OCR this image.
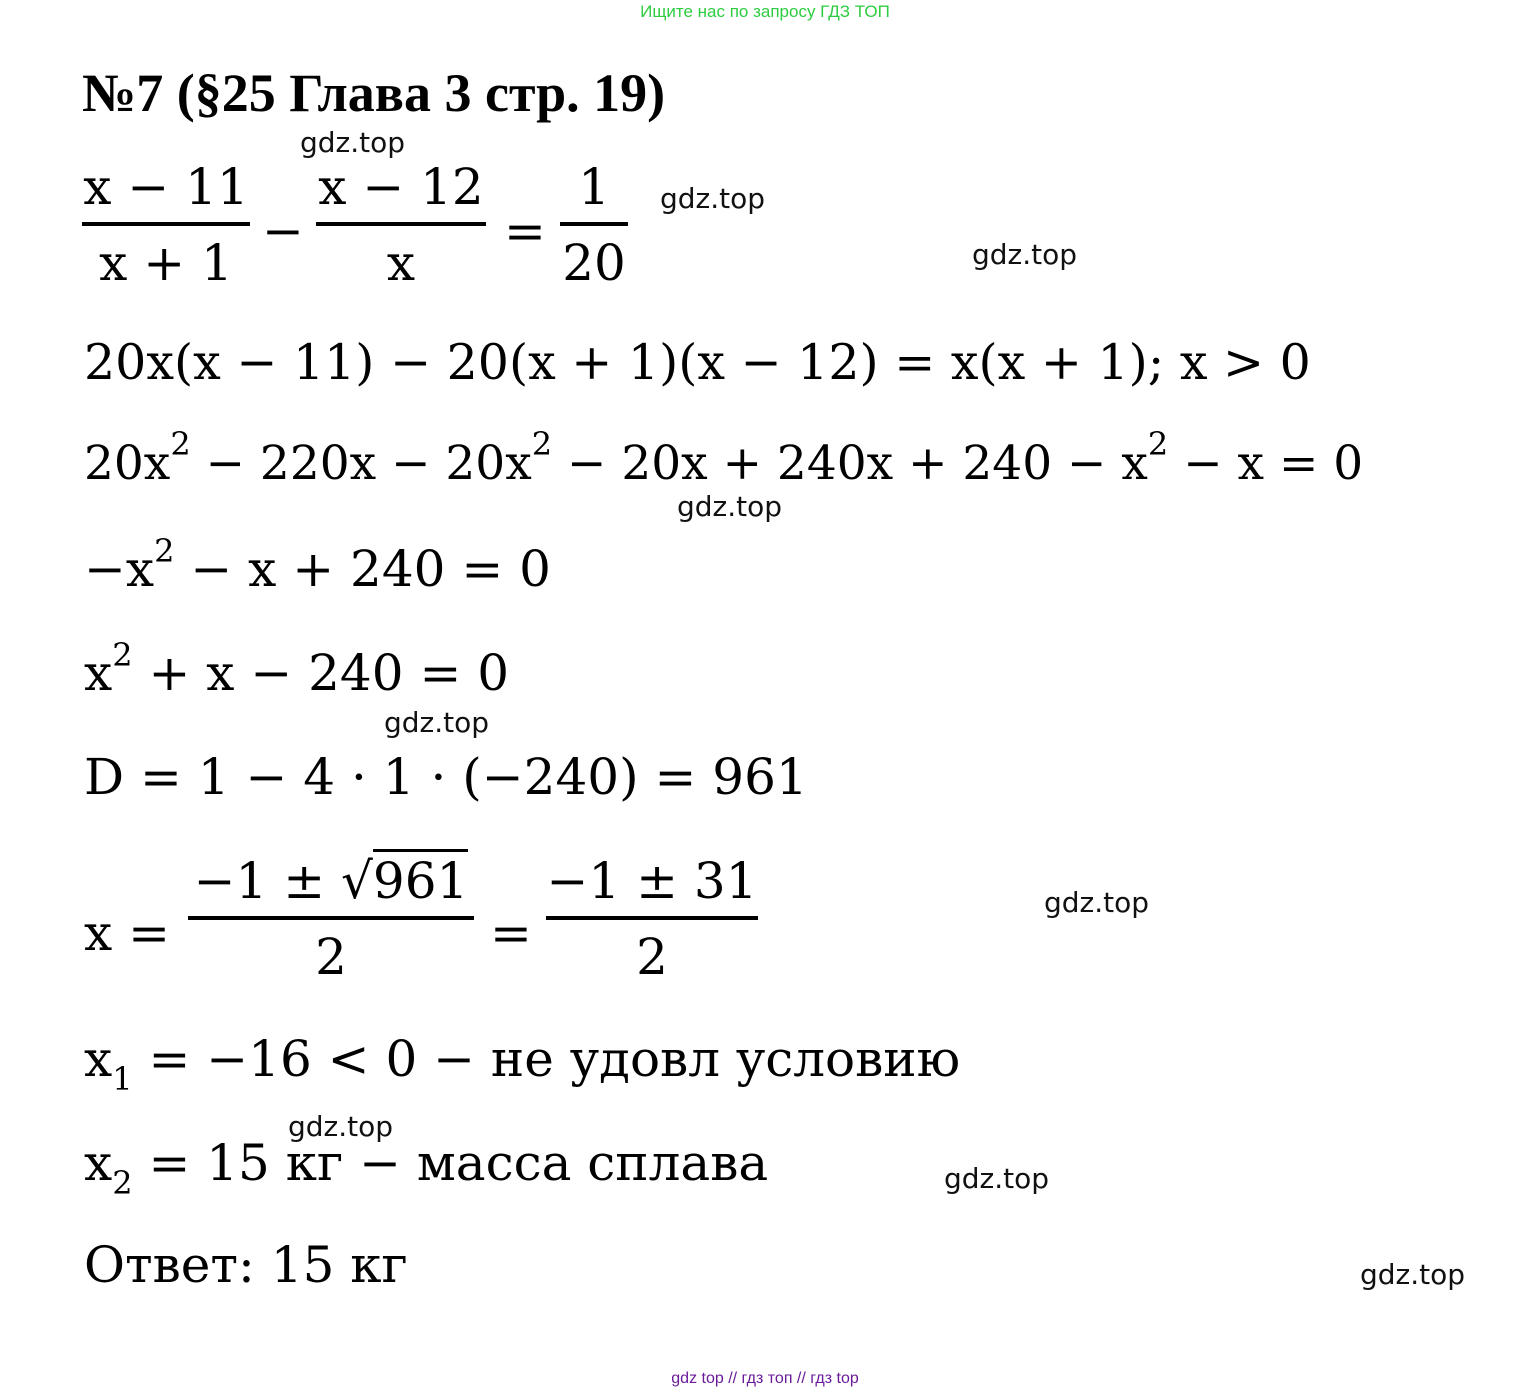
Ищите нас по запросу ГДЗ ТОП
№7 (§25 Глава 3 стр. 19)
gdz.top
gdz.top
gdz.top
gdz.top
gdz.top
gdz.top
gdz.top
gdz.top
gdz.top
x − 11
x + 1
−
x − 12
x
=
1
20
20x(x − 11) − 20(x + 1)(x − 12) = x(x + 1); x > 0
$20x^2 - 220x - 20x^2 - 20x + 240x + 240 - x^2 - x = 0$
$-x^2 - x + 240 = 0$
$x^2 + x - 240 = 0$
D = 1 − 4 · 1 · (−240) = 961
x =
−1 ± √961
2	=
−1 ± 31
2
$x_1 = -16 < 0$ − не удовл условию
$x_2 = 15$ кг − масса сплава
Ответ: 15 кг
gdz top // гдз топ // гдз top
